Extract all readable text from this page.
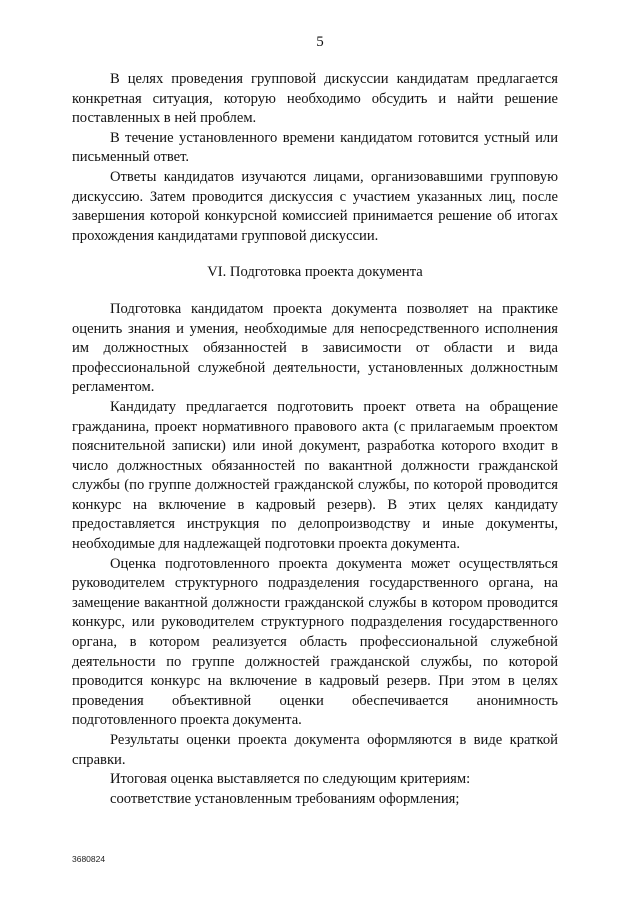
5

В целях проведения групповой дискуссии кандидатам предлагается конкретная ситуация, которую необходимо обсудить и найти решение поставленных в ней проблем.

В течение установленного времени кандидатом готовится устный или письменный ответ.

Ответы кандидатов изучаются лицами, организовавшими групповую дискуссию. Затем проводится дискуссия с участием указанных лиц, после завершения которой конкурсной комиссией принимается решение об итогах прохождения кандидатами групповой дискуссии.

VI. Подготовка проекта документа

Подготовка кандидатом проекта документа позволяет на практике оценить знания и умения, необходимые для непосредственного исполнения им должностных обязанностей в зависимости от области и вида профессиональной служебной деятельности, установленных должностным регламентом.

Кандидату предлагается подготовить проект ответа на обращение гражданина, проект нормативного правового акта (с прилагаемым проектом пояснительной записки) или иной документ, разработка которого входит в число должностных обязанностей по вакантной должности гражданской службы (по группе должностей гражданской службы, по которой проводится конкурс на включение в кадровый резерв). В этих целях кандидату предоставляется инструкция по делопроизводству и иные документы, необходимые для надлежащей подготовки проекта документа.

Оценка подготовленного проекта документа может осуществляться руководителем структурного подразделения государственного органа, на замещение вакантной должности гражданской службы в котором проводится конкурс, или руководителем структурного подразделения государственного органа, в котором реализуется область профессиональной служебной деятельности по группе должностей гражданской службы, по которой проводится конкурс на включение в кадровый резерв. При этом в целях проведения объективной оценки обеспечивается анонимность подготовленного проекта документа.

Результаты оценки проекта документа оформляются в виде краткой справки.

Итоговая оценка выставляется по следующим критериям:

соответствие установленным требованиям оформления;

3680824
